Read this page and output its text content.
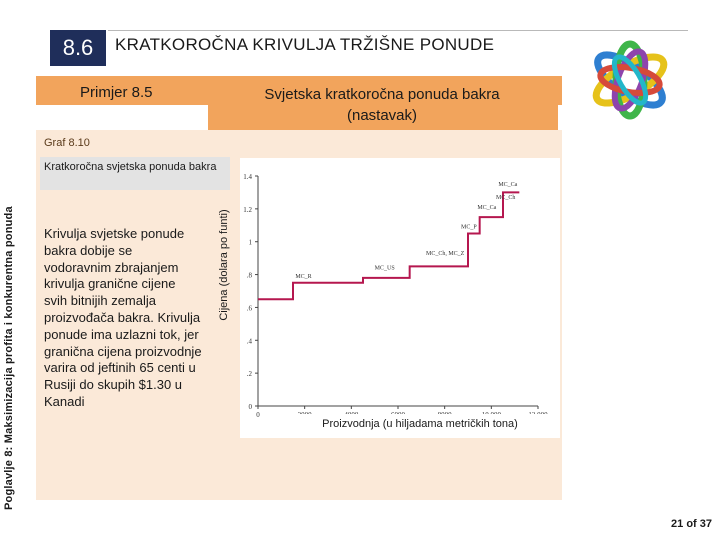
Poglavlje 8: Maksimizacija profita i konkurentna ponuda
8.6	KRATKOROČNA KRIVULJA TRŽIŠNE PONUDE
Primjer 8.5	Svjetska kratkoročna ponuda bakra
(nastavak)
Graf 8.10
Kratkoročna svjetska ponuda bakra
Krivulja svjetske ponude bakra dobije se vodoravnim zbrajanjem krivulja granične cijene svih bitnijih zemalja proizvođača bakra. Krivulja ponude ima uzlazni tok, jer granična cijena proizvodnje varira od jeftinih 65 centi u Rusiji do skupih $1.30 u Kanadi	0
.2
.4
.6
.8
1
1.2
1.4
0
MC_R
MC_US
MC_Ch, MC_Z
MC_P
MC_Ca
MC_Ch
MC_Ca
Cijena (dolara po funti)
Proizvodnja (u hiljadama metričkih tona)
21 of 37
